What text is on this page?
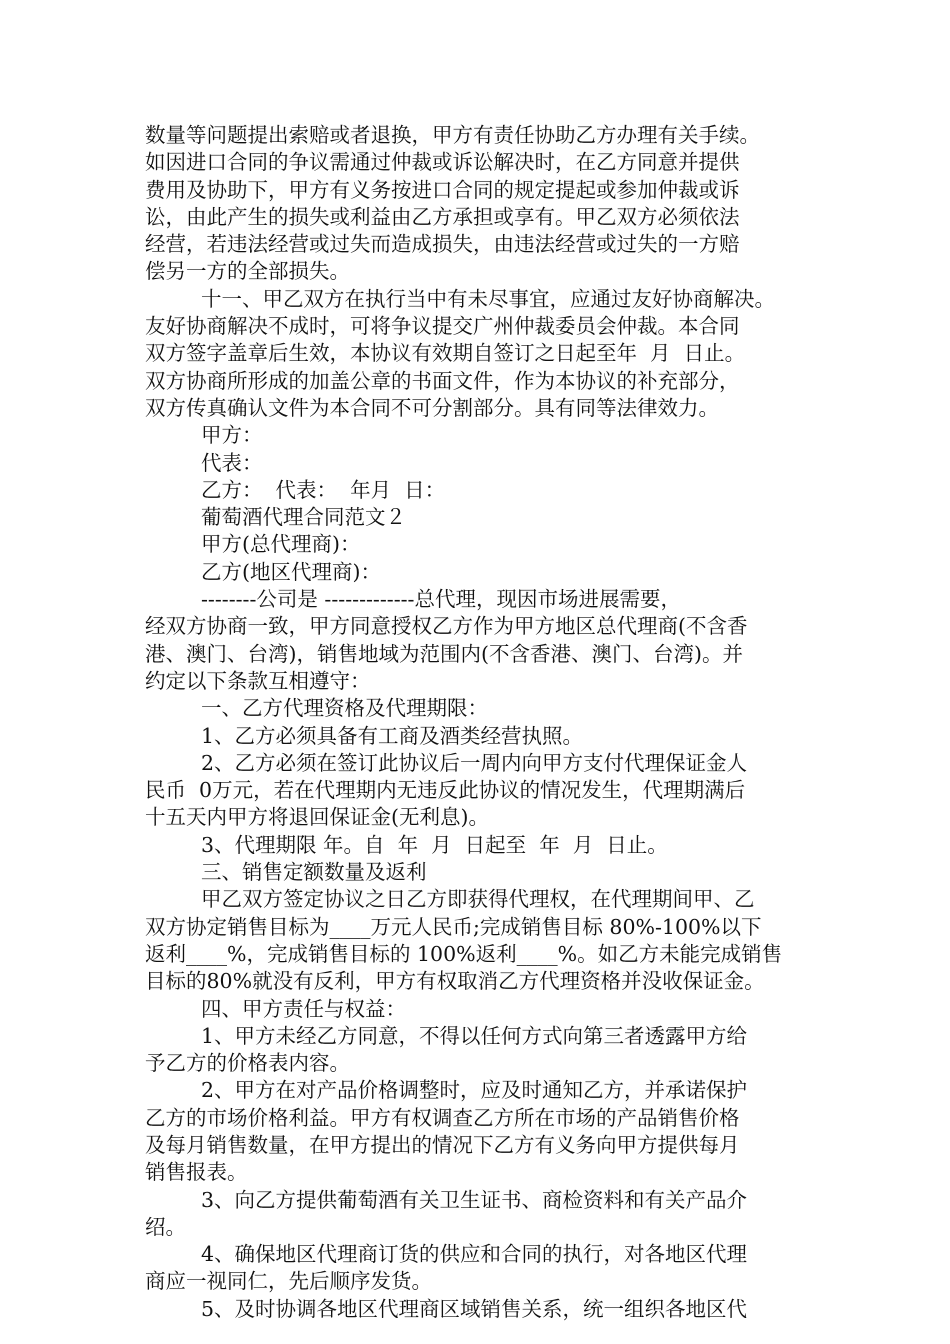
数量等问题提出索赔或者退换，甲方有责任协助乙方办理有关手续。
如因进口合同的争议需通过仲裁或诉讼解决时，在乙方同意并提供
费用及协助下，甲方有义务按进口合同的规定提起或参加仲裁或诉
讼，由此产生的损失或利益由乙方承担或享有。甲乙双方必须依法
经营，若违法经营或过失而造成损失，由违法经营或过失的一方赔
偿另一方的全部损失。
十一、甲乙双方在执行当中有未尽事宜，应通过友好协商解决。
友好协商解决不成时，可将争议提交广州仲裁委员会仲裁。本合同
双方签字盖章后生效，本协议有效期自签订之日起至年  月  日止。
双方协商所形成的加盖公章的书面文件，作为本协议的补充部分，
双方传真确认文件为本合同不可分割部分。具有同等法律效力。
甲方：
代表：
乙方：  代表：  年月  日：
葡萄酒代理合同范文２
甲方(总代理商)：
乙方(地区代理商)：
--------公司是 -------------总代理，现因市场进展需要，
经双方协商一致，甲方同意授权乙方作为甲方地区总代理商(不含香
港、澳门、台湾)，销售地域为范围内(不含香港、澳门、台湾)。并
约定以下条款互相遵守：
一、乙方代理资格及代理期限：
1、乙方必须具备有工商及酒类经营执照。
2、乙方必须在签订此协议后一周内向甲方支付代理保证金人
民币  0万元，若在代理期内无违反此协议的情况发生，代理期满后
十五天内甲方将退回保证金(无利息)。
3、代理期限 年。自  年  月  日起至  年  月  日止。
三、销售定额数量及返利
甲乙双方签定协议之日乙方即获得代理权，在代理期间甲、乙
双方协定销售目标为____万元人民币;完成销售目标 80%-100%以下
返利____%，完成销售目标的 100%返利____%。如乙方未能完成销售
目标的80%就没有反利，甲方有权取消乙方代理资格并没收保证金。
四、甲方责任与权益：
1、甲方未经乙方同意，不得以任何方式向第三者透露甲方给
予乙方的价格表内容。
2、甲方在对产品价格调整时，应及时通知乙方，并承诺保护
乙方的市场价格利益。甲方有权调查乙方所在市场的产品销售价格
及每月销售数量，在甲方提出的情况下乙方有义务向甲方提供每月
销售报表。
3、向乙方提供葡萄酒有关卫生证书、商检资料和有关产品介
绍。
4、确保地区代理商订货的供应和合同的执行，对各地区代理
商应一视同仁，先后顺序发货。
5、及时协调各地区代理商区域销售关系，统一组织各地区代
